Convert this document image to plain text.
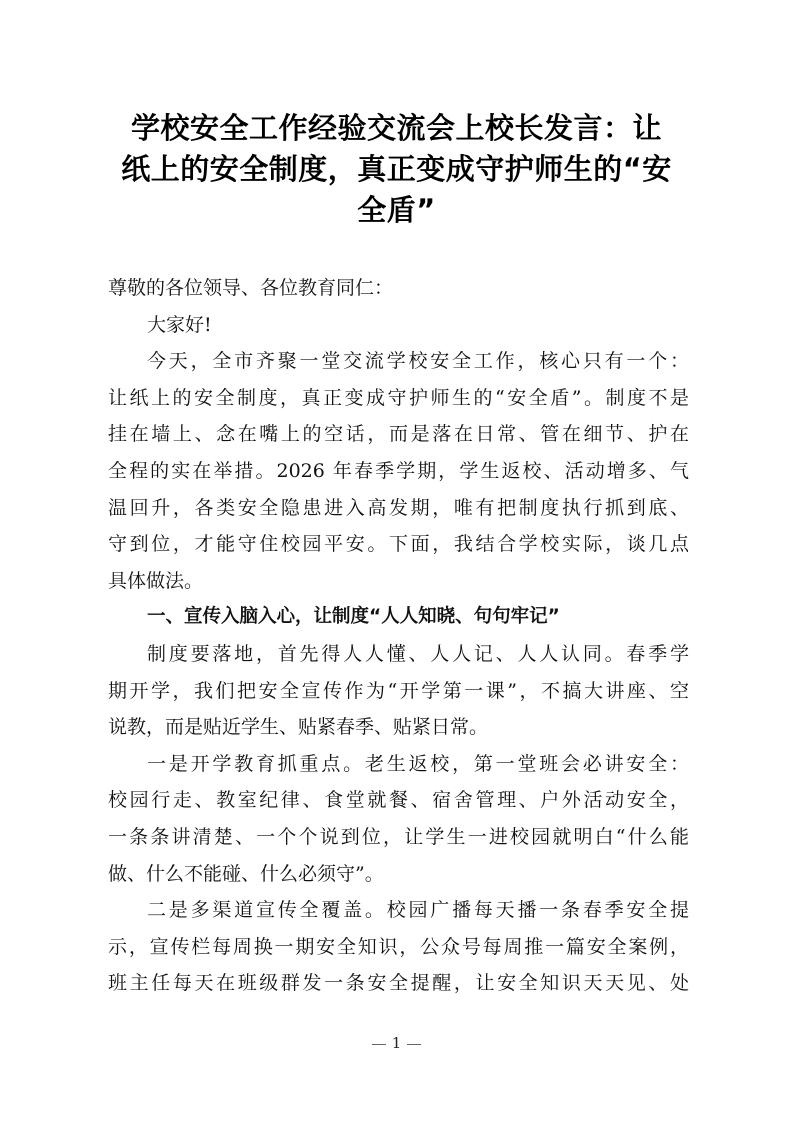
学校安全工作经验交流会上校长发言：让
纸上的安全制度，真正变成守护师生的“安
全盾”
尊敬的各位领导、各位教育同仁：
大家好!
今天，全市齐聚一堂交流学校安全工作，核心只有一个：
让纸上的安全制度，真正变成守护师生的“安全盾”。制度不是
挂在墙上、念在嘴上的空话，而是落在日常、管在细节、护在
全程的实在举措。2026 年春季学期，学生返校、活动增多、气
温回升，各类安全隐患进入高发期，唯有把制度执行抓到底、
守到位，才能守住校园平安。下面，我结合学校实际，谈几点
具体做法。
一、宣传入脑入心，让制度“人人知晓、句句牢记”
制度要落地，首先得人人懂、人人记、人人认同。春季学
期开学，我们把安全宣传作为“开学第一课”，不搞大讲座、空
说教，而是贴近学生、贴紧春季、贴紧日常。
一是开学教育抓重点。老生返校，第一堂班会必讲安全：
校园行走、教室纪律、食堂就餐、宿舍管理、户外活动安全，
一条条讲清楚、一个个说到位，让学生一进校园就明白“什么能
做、什么不能碰、什么必须守”。
二是多渠道宣传全覆盖。校园广播每天播一条春季安全提
示，宣传栏每周换一期安全知识，公众号每周推一篇安全案例，
班主任每天在班级群发一条安全提醒，让安全知识天天见、处
1
